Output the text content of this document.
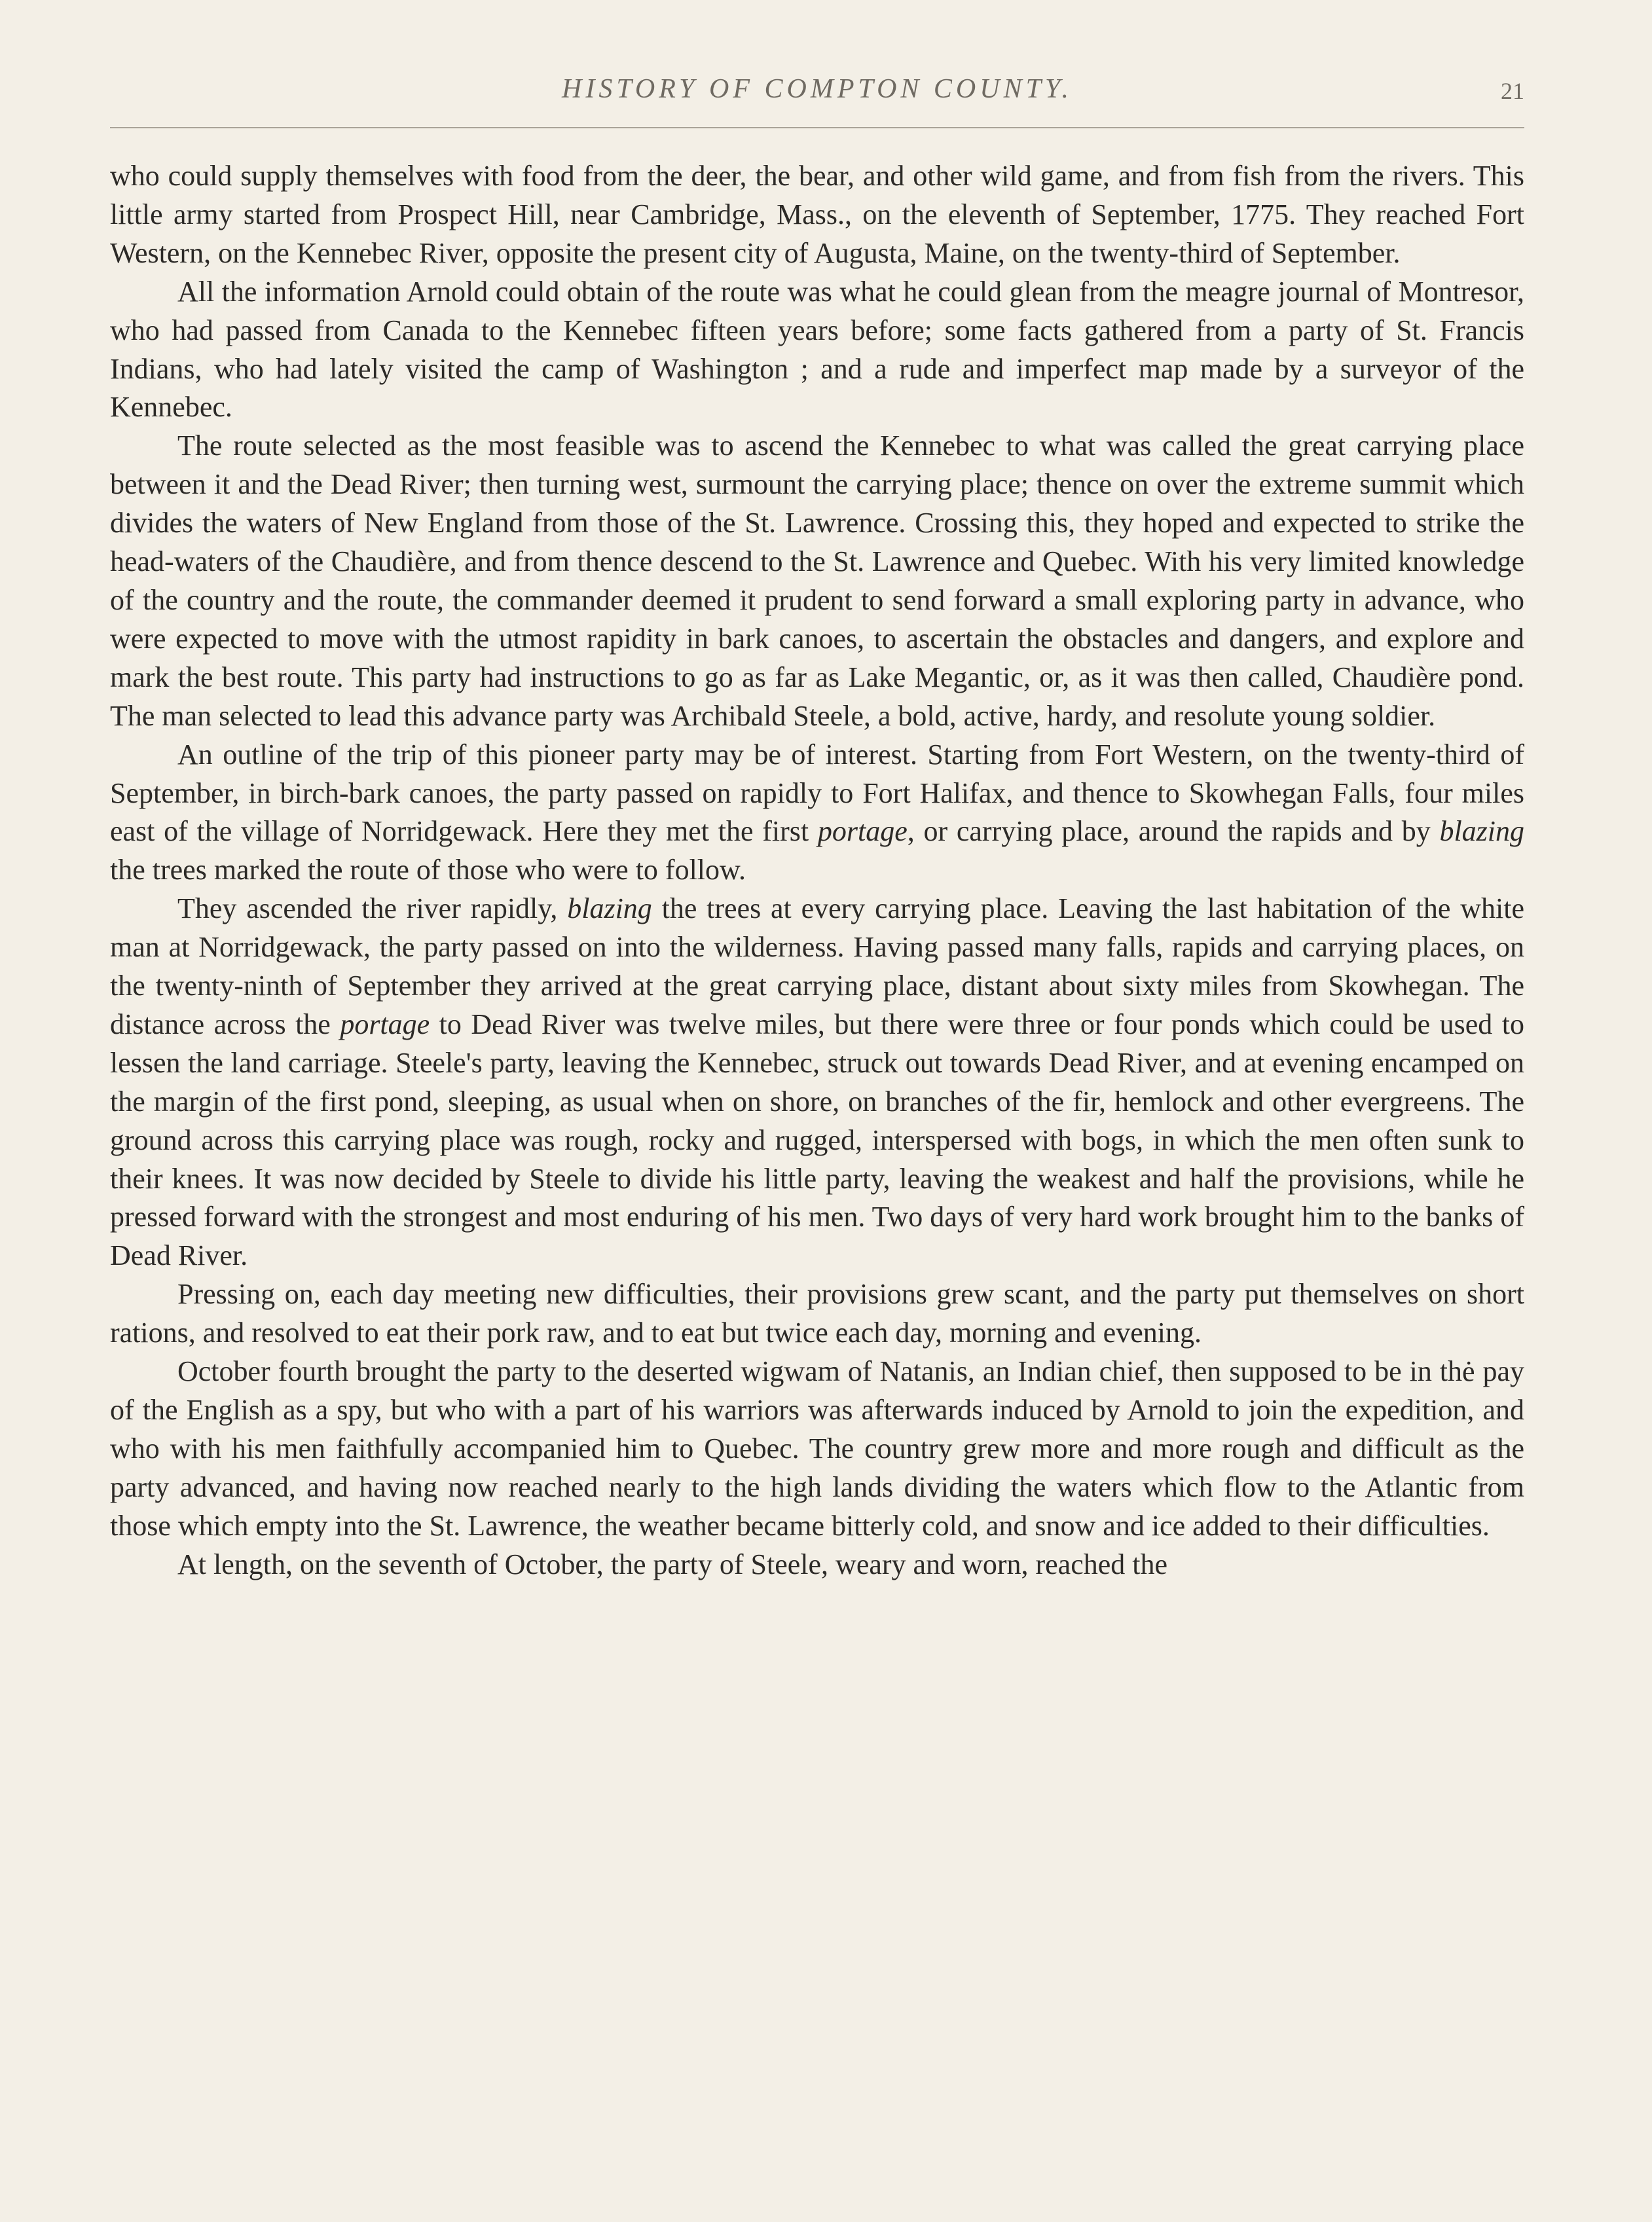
HISTORY OF COMPTON COUNTY.	21

who could supply themselves with food from the deer, the bear, and other wild game, and from fish from the rivers. This little army started from Prospect Hill, near Cambridge, Mass., on the eleventh of September, 1775. They reached Fort Western, on the Kennebec River, opposite the present city of Augusta, Maine, on the twenty-third of September.

All the information Arnold could obtain of the route was what he could glean from the meagre journal of Montresor, who had passed from Canada to the Kennebec fifteen years before; some facts gathered from a party of St. Francis Indians, who had lately visited the camp of Washington ; and a rude and imperfect map made by a surveyor of the Kennebec.

The route selected as the most feasible was to ascend the Kennebec to what was called the great carrying place between it and the Dead River; then turning west, surmount the carrying place; thence on over the extreme summit which divides the waters of New England from those of the St. Lawrence. Crossing this, they hoped and expected to strike the head-waters of the Chaudière, and from thence descend to the St. Lawrence and Quebec. With his very limited knowledge of the country and the route, the commander deemed it prudent to send forward a small exploring party in advance, who were expected to move with the utmost rapidity in bark canoes, to ascertain the obstacles and dangers, and explore and mark the best route. This party had instructions to go as far as Lake Megantic, or, as it was then called, Chaudière pond. The man selected to lead this advance party was Archibald Steele, a bold, active, hardy, and resolute young soldier.

An outline of the trip of this pioneer party may be of interest. Starting from Fort Western, on the twenty-third of September, in birch-bark canoes, the party passed on rapidly to Fort Halifax, and thence to Skowhegan Falls, four miles east of the village of Norridgewack. Here they met the first portage, or carrying place, around the rapids and by blazing the trees marked the route of those who were to follow.

They ascended the river rapidly, blazing the trees at every carrying place. Leaving the last habitation of the white man at Norridgewack, the party passed on into the wilderness. Having passed many falls, rapids and carrying places, on the twenty-ninth of September they arrived at the great carrying place, distant about sixty miles from Skowhegan. The distance across the portage to Dead River was twelve miles, but there were three or four ponds which could be used to lessen the land carriage. Steele's party, leaving the Kennebec, struck out towards Dead River, and at evening encamped on the margin of the first pond, sleeping, as usual when on shore, on branches of the fir, hemlock and other evergreens. The ground across this carrying place was rough, rocky and rugged, interspersed with bogs, in which the men often sunk to their knees. It was now decided by Steele to divide his little party, leaving the weakest and half the provisions, while he pressed forward with the strongest and most enduring of his men. Two days of very hard work brought him to the banks of Dead River.

Pressing on, each day meeting new difficulties, their provisions grew scant, and the party put themselves on short rations, and resolved to eat their pork raw, and to eat but twice each day, morning and evening.

October fourth brought the party to the deserted wigwam of Natanis, an Indian chief, then supposed to be in thė pay of the English as a spy, but who with a part of his warriors was afterwards induced by Arnold to join the expedition, and who with his men faithfully accompanied him to Quebec. The country grew more and more rough and difficult as the party advanced, and having now reached nearly to the high lands dividing the waters which flow to the Atlantic from those which empty into the St. Lawrence, the weather became bitterly cold, and snow and ice added to their difficulties.

At length, on the seventh of October, the party of Steele, weary and worn, reached the
